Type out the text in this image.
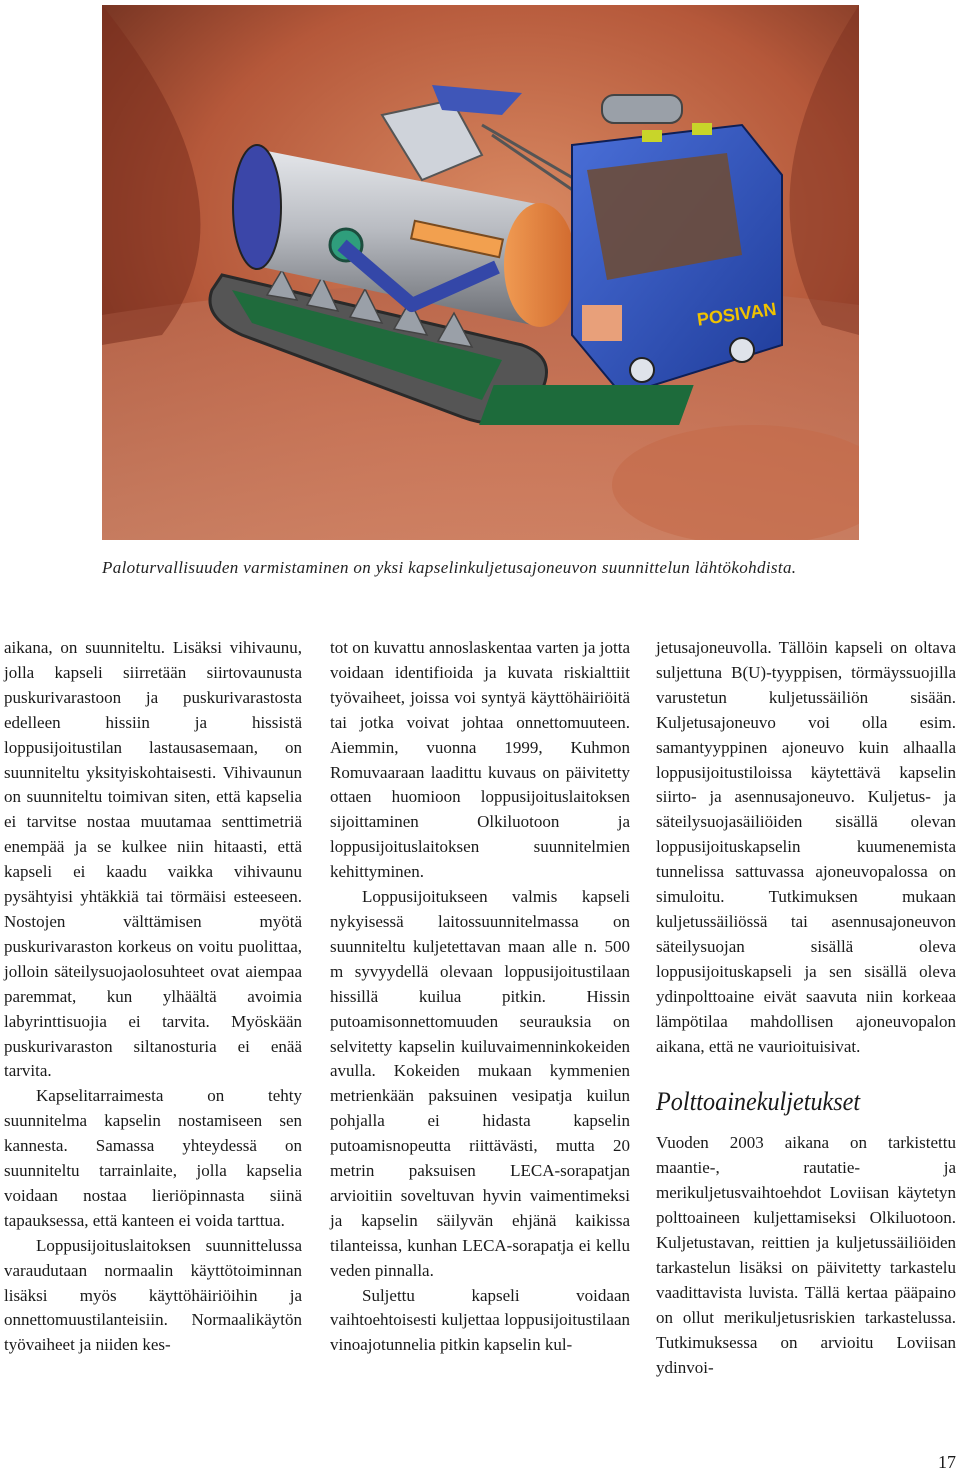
POSIVAN
Paloturvallisuuden varmistaminen on yksi kapselinkuljetusajoneuvon suunnittelun lähtökohdista.

aikana, on suunniteltu. Lisäksi vihivaunu, jolla kapseli siirretään siirtovaunusta puskurivarastoon ja puskurivarastosta edelleen hissiin ja hissistä loppusijoitustilan lastausasemaan, on suunniteltu yksityiskohtaisesti. Vihivaunun on suunniteltu toimivan siten, että kapselia ei tarvitse nostaa muutamaa senttimetriä enempää ja se kulkee niin hitaasti, että kapseli ei kaadu vaikka vihivaunu pysähtyisi yhtäkkiä tai törmäisi esteeseen. Nostojen välttämisen myötä puskurivaraston korkeus on voitu puolittaa, jolloin säteilysuojaolosuhteet ovat aiempaa paremmat, kun ylhäältä avoimia labyrinttisuojia ei tarvita. Myöskään puskurivaraston siltanosturia ei enää tarvita.

Kapselitarraimesta on tehty suunnitelma kapselin nostamiseen sen kannesta. Samassa yhteydessä on suunniteltu tarrainlaite, jolla kapselia voidaan nostaa lieriöpinnasta siinä tapauksessa, että kanteen ei voida tarttua.

Loppusijoituslaitoksen suunnittelussa varaudutaan normaalin käyttötoiminnan lisäksi myös käyttöhäiriöihin ja onnettomuustilanteisiin. Normaalikäytön työvaiheet ja niiden kes-

tot on kuvattu annoslaskentaa varten ja jotta voidaan identifioida ja kuvata riskialttiit työvaiheet, joissa voi syntyä käyttöhäiriöitä tai jotka voivat johtaa onnettomuuteen. Aiemmin, vuonna 1999, Kuhmon Romuvaaraan laadittu kuvaus on päivitetty ottaen huomioon loppusijoituslaitoksen sijoittaminen Olkiluotoon ja loppusijoituslaitoksen suunnitelmien kehittyminen.

Loppusijoitukseen valmis kapseli nykyisessä laitossuunnitelmassa on suunniteltu kuljetettavan maan alle n. 500 m syvyydellä olevaan loppusijoitustilaan hissillä kuilua pitkin. Hissin putoamisonnettomuuden seurauksia on selvitetty kapselin kuiluvaimenninkokeiden avulla. Kokeiden mukaan kymmenien metrienkään paksuinen vesipatja kuilun pohjalla ei hidasta kapselin putoamisnopeutta riittävästi, mutta 20 metrin paksuisen LECA-sorapatjan arvioitiin soveltuvan hyvin vaimentimeksi ja kapselin säilyvän ehjänä kaikissa tilanteissa, kunhan LECA-sorapatja ei kellu veden pinnalla.

Suljettu kapseli voidaan vaihtoehtoisesti kuljettaa loppusijoitustilaan vinoajotunnelia pitkin kapselin kul-

jetusajoneuvolla. Tällöin kapseli on oltava suljettuna B(U)-tyyppisen, törmäyssuojilla varustetun kuljetussäiliön sisään. Kuljetusajoneuvo voi olla esim. samantyyppinen ajoneuvo kuin alhaalla loppusijoitustiloissa käytettävä kapselin siirto- ja asennusajoneuvo. Kuljetus- ja säteilysuojasäiliöiden sisällä olevan loppusijoituskapselin kuumenemista tunnelissa sattuvassa ajoneuvopalossa on simuloitu. Tutkimuksen mukaan kuljetussäiliössä tai asennusajoneuvon säteilysuojan sisällä oleva loppusijoituskapseli ja sen sisällä oleva ydinpolttoaine eivät saavuta niin korkeaa lämpötilaa mahdollisen ajoneuvopalon aikana, että ne vaurioituisivat.

Polttoainekuljetukset

Vuoden 2003 aikana on tarkistettu maantie-, rautatie- ja merikuljetusvaihtoehdot Loviisan käytetyn polttoaineen kuljettamiseksi Olkiluotoon. Kuljetustavan, reittien ja kuljetussäiliöiden tarkastelun lisäksi on päivitetty tarkastelu vaadittavista luvista. Tällä kertaa pääpaino on ollut merikuljetusriskien tarkastelussa. Tutkimuksessa on arvioitu Loviisan ydinvoi-

17
